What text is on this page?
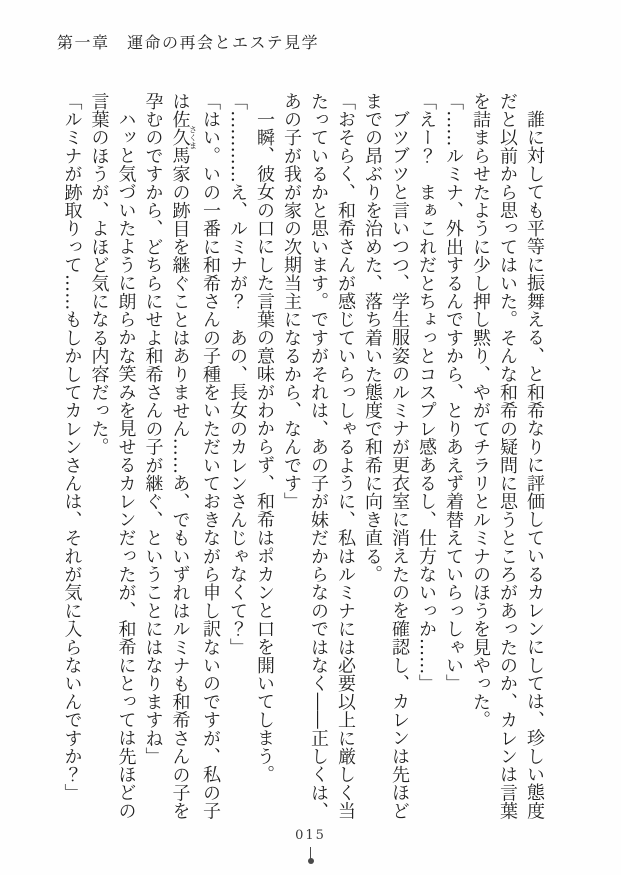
第一章　運命の再会とエステ見学
誰に対しても平等に振舞える、と和希なりに評価しているカレンにしては、珍しい態度
だと以前から思ってはいた。そんな和希の疑問に思うところがあったのか、カレンは言葉
を詰まらせたように少し押し黙り、やがてチラリとルミナのほうを見やった。
「……ルミナ、外出するんですから、とりあえず着替えていらっしゃい」
「えー？　まぁこれだとちょっとコスプレ感あるし、仕方ないっか……」
ブツブツと言いつつ、学生服姿のルミナが更衣室に消えたのを確認し、カレンは先ほど
までの昂ぶりを治めた、落ち着いた態度で和希に向き直る。
「おそらく、和希さんが感じていらっしゃるように、私はルミナには必要以上に厳しく当
たっているかと思います。ですがそれは、あの子が妹だからなのではなく――正しくは、
あの子が我が家の次期当主になるから、なんです」
一瞬、彼女の口にした言葉の意味がわからず、和希はポカンと口を開いてしまう。
「…………え、ルミナが？　あの、長女のカレンさんじゃなくて？」
「はい。いの一番に和希さんの子種をいただいておきながら申し訳ないのですが、私の子
は佐久馬さくま家の跡目を継ぐことはありません……あ、でもいずれはルミナも和希さんの子を
孕むのですから、どちらにせよ和希さんの子が継ぐ、ということにはなりますね」
ハッと気づいたように朗らかな笑みを見せるカレンだったが、和希にとっては先ほどの
言葉のほうが、よほど気になる内容だった。
「ルミナが跡取りって……もしかしてカレンさんは、それが気に入らないんですか？」
015
